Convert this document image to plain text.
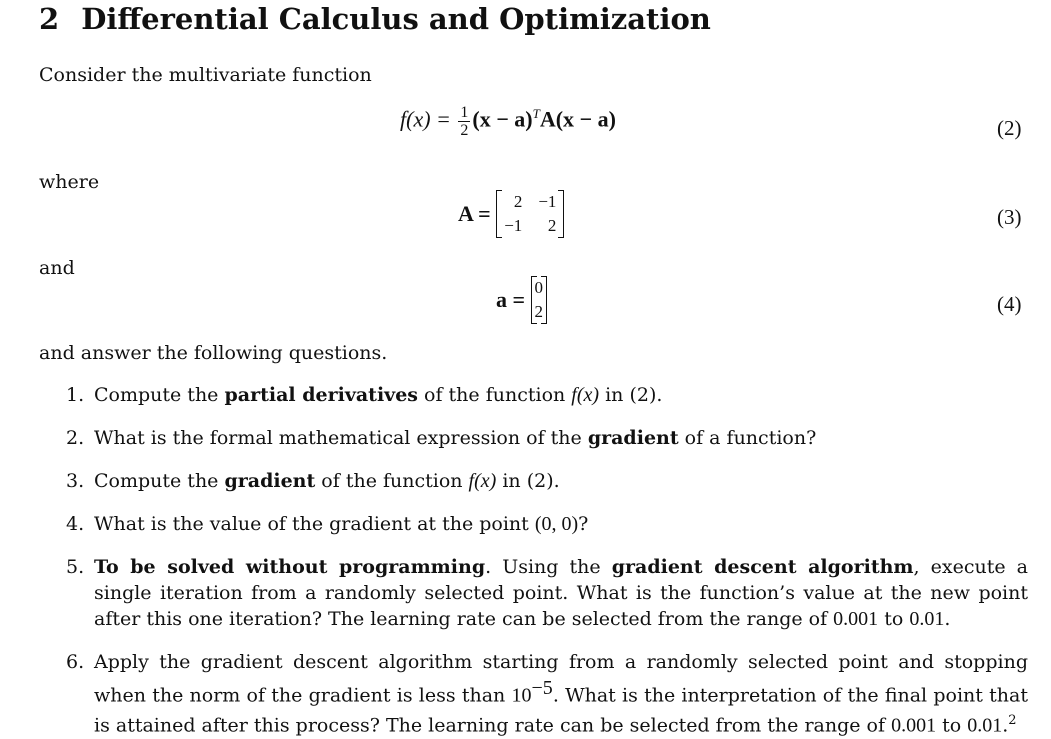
2 Differential Calculus and Optimization
Consider the multivariate function
$f(x) = \frac{1}{2} (x - a)^TA(x - a)$	(2)
where
A = 2	−1
−1	2	(3)
and
a = 0
2	(4)
and answer the following questions.
1. Compute the partial derivatives of the function f(x) in (2).
2. What is the formal mathematical expression of the gradient of a function?
3. Compute the gradient of the function f(x) in (2).
4. What is the value of the gradient at the point (0, 0)?
5. To be solved without programming. Using the gradient descent algorithm, execute a single iteration from a randomly selected point. What is the function’s value at the new point after this one iteration? The learning rate can be selected from the range of 0.001 to 0.01.
6. Apply the gradient descent algorithm starting from a randomly selected point and stopping when the norm of the gradient is less than $10^{-5}$. What is the interpretation of the final point that is attained after this process? The learning rate can be selected from the range of 0.001 to 0.01.$^2$
